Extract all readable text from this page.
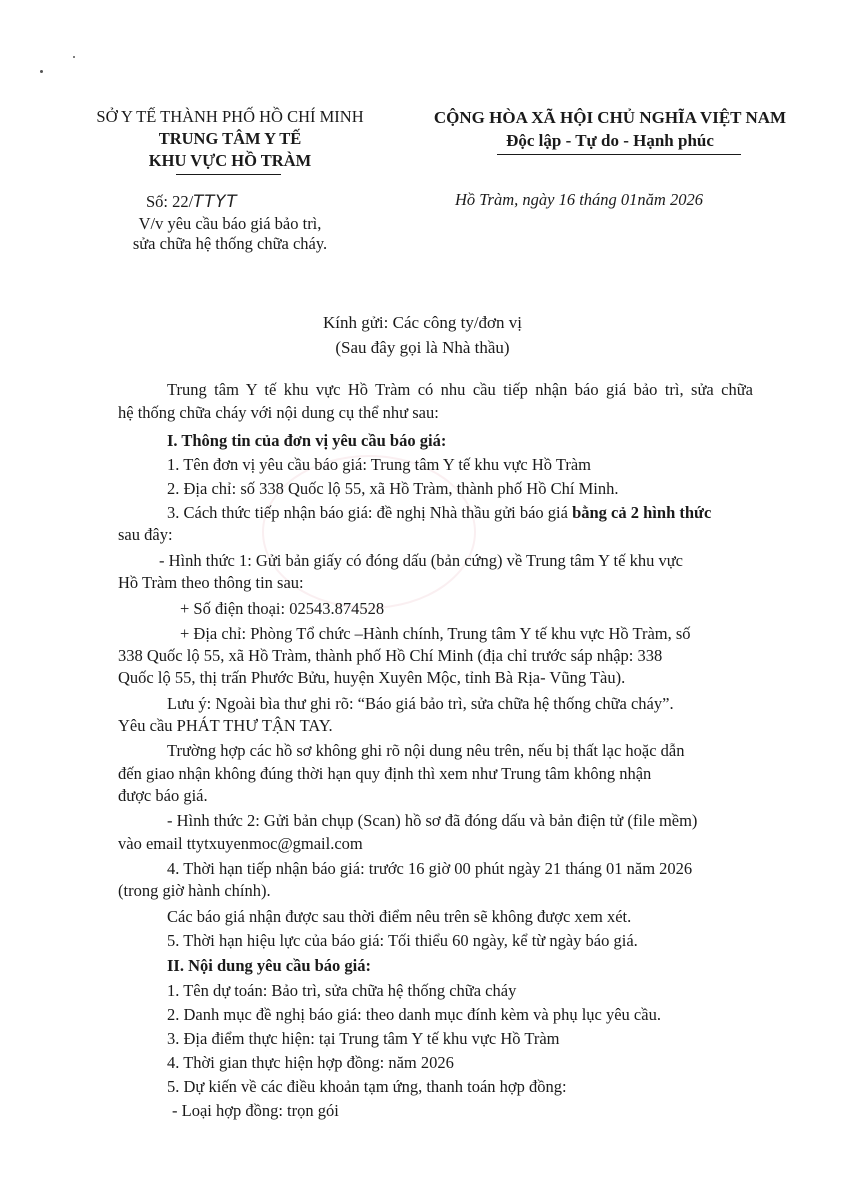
SỞ Y TẾ THÀNH PHỐ HỒ CHÍ MINH
TRUNG TÂM Y TẾ
KHU VỰC HỒ TRÀM
Số: 22/TTYT
V/v yêu cầu báo giá bảo trì,
sửa chữa hệ thống chữa cháy.
CỘNG HÒA XÃ HỘI CHỦ NGHĨA VIỆT NAM
Độc lập - Tự do - Hạnh phúc
Hồ Tràm, ngày 16 tháng 01năm 2026
Kính gửi: Các công ty/đơn vị
(Sau đây gọi là Nhà thầu)
Trung tâm Y tế khu vực Hồ Tràm có nhu cầu tiếp nhận báo giá bảo trì, sửa chữa
hệ thống chữa cháy với nội dung cụ thể như sau:
I. Thông tin của đơn vị yêu cầu báo giá:
1. Tên đơn vị yêu cầu báo giá: Trung tâm Y tế khu vực Hồ Tràm
2. Địa chỉ: số 338 Quốc lộ 55, xã Hồ Tràm, thành phố Hồ Chí Minh.
3. Cách thức tiếp nhận báo giá: đề nghị Nhà thầu gửi báo giá bằng cả 2 hình thức
sau đây:
- Hình thức 1: Gửi bản giấy có đóng dấu (bản cứng) về Trung tâm Y tế khu vực
Hồ Tràm theo thông tin sau:
+ Số điện thoại: 02543.874528
+ Địa chỉ: Phòng Tổ chức –Hành chính, Trung tâm Y tế khu vực Hồ Tràm, số
338 Quốc lộ 55, xã Hồ Tràm, thành phố Hồ Chí Minh (địa chỉ trước sáp nhập: 338
Quốc lộ 55, thị trấn Phước Bửu, huyện Xuyên Mộc, tỉnh Bà Rịa- Vũng Tàu).
Lưu ý: Ngoài bìa thư ghi rõ: “Báo giá bảo trì, sửa chữa hệ thống chữa cháy”.
Yêu cầu PHÁT THƯ TẬN TAY.
Trường hợp các hồ sơ không ghi rõ nội dung nêu trên, nếu bị thất lạc hoặc dẫn
đến giao nhận không đúng thời hạn quy định thì xem như Trung tâm không nhận
được báo giá.
- Hình thức 2: Gửi bản chụp (Scan) hồ sơ đã đóng dấu và bản điện tử (file mềm)
vào email ttytxuyenmoc@gmail.com
4. Thời hạn tiếp nhận báo giá: trước 16 giờ 00 phút ngày 21 tháng 01 năm 2026
(trong giờ hành chính).
Các báo giá nhận được sau thời điểm nêu trên sẽ không được xem xét.
5. Thời hạn hiệu lực của báo giá: Tối thiểu 60 ngày, kể từ ngày báo giá.
II. Nội dung yêu cầu báo giá:
1. Tên dự toán: Bảo trì, sửa chữa hệ thống chữa cháy
2. Danh mục đề nghị báo giá: theo danh mục đính kèm và phụ lục yêu cầu.
3. Địa điểm thực hiện: tại Trung tâm Y tế khu vực Hồ Tràm
4. Thời gian thực hiện hợp đồng: năm 2026
5. Dự kiến về các điều khoản tạm ứng, thanh toán hợp đồng:
- Loại hợp đồng: trọn gói
